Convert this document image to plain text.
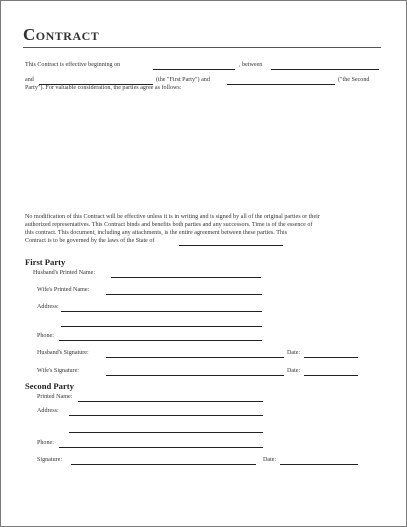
Contract
This Contract is effective beginning on	, between
and	(the "First Party") and	("the Second
Party"). For valuable consideration, the parties agree as follows:
No modification of this Contract will be effective unless it is in writing and is signed by all of the original parties or their
authorized representatives. This Contract binds and benefits both parties and any successors. Time is of the essence of
this contract. This document, including any attachments, is the entire agreement between these parties. This
Contract is to be governed by the laws of the State of
First Party
Husband's Printed Name:
Wife's Printed Name:
Address:
Phone:
Husband's Signature:	Date:
Wife's Signature:	Date:
Second Party
Printed Name:
Address:
Phone:
Signature:	Date:
